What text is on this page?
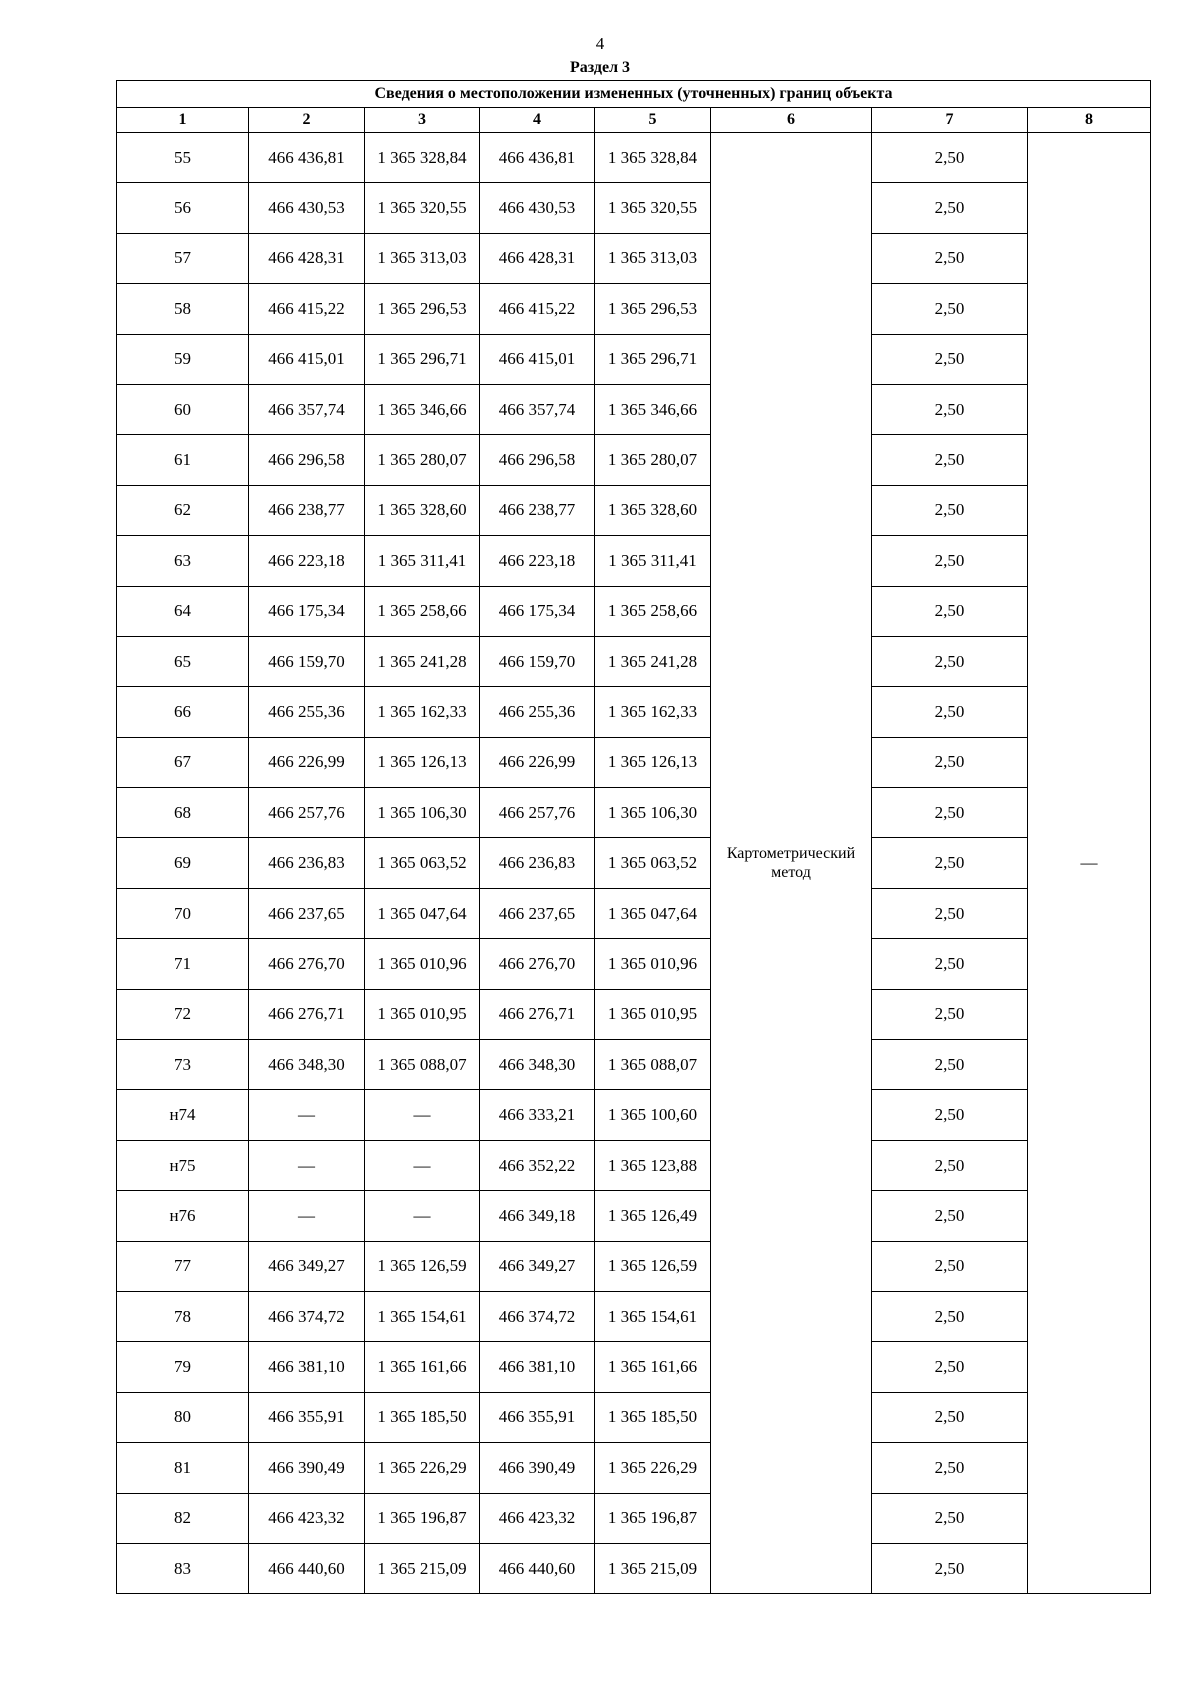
4
Раздел 3
Сведения о местоположении измененных (уточненных) границ объекта							
1	2	3	4	5	6	7	8
55	466 436,81	1 365 328,84	466 436,81	1 365 328,84	Картометрический метод	2,50	—
56	466 430,53	1 365 320,55	466 430,53	1 365 320,55		2,50	
57	466 428,31	1 365 313,03	466 428,31	1 365 313,03		2,50	
58	466 415,22	1 365 296,53	466 415,22	1 365 296,53		2,50	
59	466 415,01	1 365 296,71	466 415,01	1 365 296,71		2,50	
60	466 357,74	1 365 346,66	466 357,74	1 365 346,66		2,50	
61	466 296,58	1 365 280,07	466 296,58	1 365 280,07		2,50	
62	466 238,77	1 365 328,60	466 238,77	1 365 328,60		2,50	
63	466 223,18	1 365 311,41	466 223,18	1 365 311,41		2,50	
64	466 175,34	1 365 258,66	466 175,34	1 365 258,66		2,50	
65	466 159,70	1 365 241,28	466 159,70	1 365 241,28		2,50	
66	466 255,36	1 365 162,33	466 255,36	1 365 162,33		2,50	
67	466 226,99	1 365 126,13	466 226,99	1 365 126,13		2,50	
68	466 257,76	1 365 106,30	466 257,76	1 365 106,30		2,50	
69	466 236,83	1 365 063,52	466 236,83	1 365 063,52		2,50	
70	466 237,65	1 365 047,64	466 237,65	1 365 047,64		2,50	
71	466 276,70	1 365 010,96	466 276,70	1 365 010,96		2,50	
72	466 276,71	1 365 010,95	466 276,71	1 365 010,95		2,50	
73	466 348,30	1 365 088,07	466 348,30	1 365 088,07		2,50	
н74	—	—	466 333,21	1 365 100,60		2,50	
н75	—	—	466 352,22	1 365 123,88		2,50	
н76	—	—	466 349,18	1 365 126,49		2,50	
77	466 349,27	1 365 126,59	466 349,27	1 365 126,59		2,50	
78	466 374,72	1 365 154,61	466 374,72	1 365 154,61		2,50	
79	466 381,10	1 365 161,66	466 381,10	1 365 161,66		2,50	
80	466 355,91	1 365 185,50	466 355,91	1 365 185,50		2,50	
81	466 390,49	1 365 226,29	466 390,49	1 365 226,29		2,50	
82	466 423,32	1 365 196,87	466 423,32	1 365 196,87		2,50	
83	466 440,60	1 365 215,09	466 440,60	1 365 215,09		2,50	
